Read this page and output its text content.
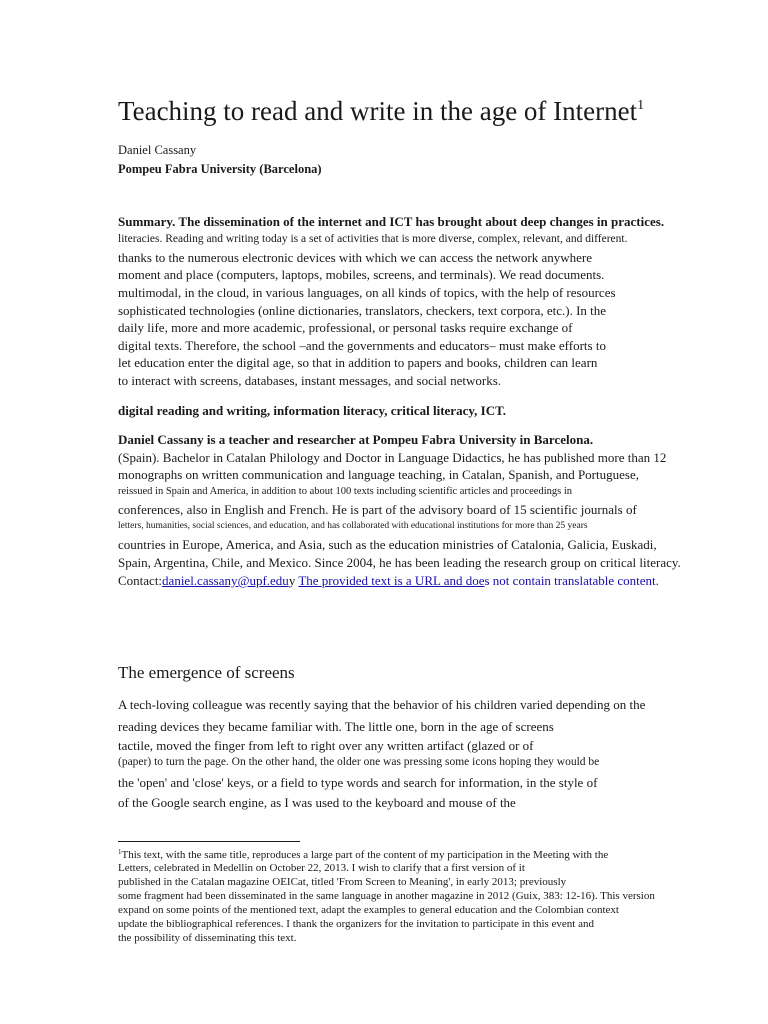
Teaching to read and write in the age of Internet$^1$
Daniel Cassany
Pompeu Fabra University (Barcelona)
Summary. The dissemination of the internet and ICT has brought about deep changes in practices.
literacies. Reading and writing today is a set of activities that is more diverse, complex, relevant, and different.
thanks to the numerous electronic devices with which we can access the network anywhere
moment and place (computers, laptops, mobiles, screens, and terminals). We read documents.
multimodal, in the cloud, in various languages, on all kinds of topics, with the help of resources
sophisticated technologies (online dictionaries, translators, checkers, text corpora, etc.). In the
daily life, more and more academic, professional, or personal tasks require exchange of
digital texts. Therefore, the school –and the governments and educators– must make efforts to
let education enter the digital age, so that in addition to papers and books, children can learn
to interact with screens, databases, instant messages, and social networks.
digital reading and writing, information literacy, critical literacy, ICT.
Daniel Cassany is a teacher and researcher at Pompeu Fabra University in Barcelona.
(Spain). Bachelor in Catalan Philology and Doctor in Language Didactics, he has published more than 12
monographs on written communication and language teaching, in Catalan, Spanish, and Portuguese,
reissued in Spain and America, in addition to about 100 texts including scientific articles and proceedings in
conferences, also in English and French. He is part of the advisory board of 15 scientific journals of
letters, humanities, social sciences, and education, and has collaborated with educational institutions for more than 25 years
countries in Europe, America, and Asia, such as the education ministries of Catalonia, Galicia, Euskadi,
Spain, Argentina, Chile, and Mexico. Since 2004, he has been leading the research group on critical literacy.
Contact:daniel.cassany@upf.eduy The provided text is a URL and does not contain translatable content.
The emergence of screens
A tech-loving colleague was recently saying that the behavior of his children varied depending on the
reading devices they became familiar with. The little one, born in the age of screens
tactile, moved the finger from left to right over any written artifact (glazed or of
(paper) to turn the page. On the other hand, the older one was pressing some icons hoping they would be
the 'open' and 'close' keys, or a field to type words and search for information, in the style of
of the Google search engine, as I was used to the keyboard and mouse of the
$^1$This text, with the same title, reproduces a large part of the content of my participation in the Meeting with the
Letters, celebrated in Medellin on October 22, 2013. I wish to clarify that a first version of it
published in the Catalan magazine OEICat, titled 'From Screen to Meaning', in early 2013; previously
some fragment had been disseminated in the same language in another magazine in 2012 (Guix, 383: 12-16). This version
expand on some points of the mentioned text, adapt the examples to general education and the Colombian context
update the bibliographical references. I thank the organizers for the invitation to participate in this event and
the possibility of disseminating this text.
